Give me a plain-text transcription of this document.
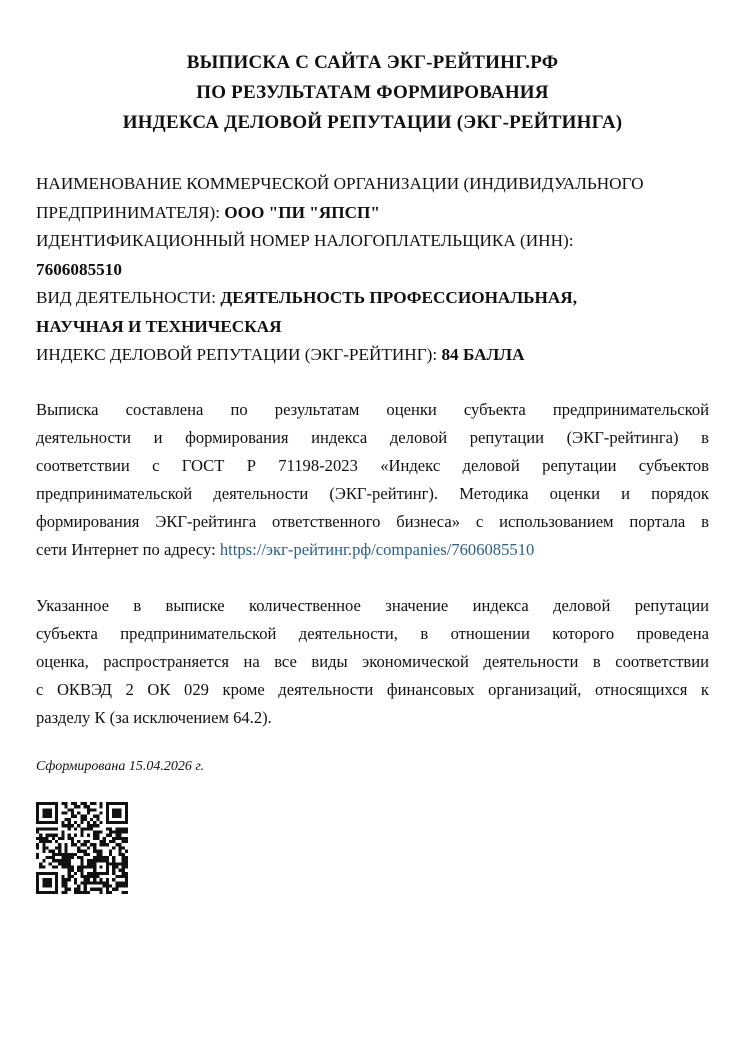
ВЫПИСКА С САЙТА ЭКГ-РЕЙТИНГ.РФ
ПО РЕЗУЛЬТАТАМ ФОРМИРОВАНИЯ
ИНДЕКСА ДЕЛОВОЙ РЕПУТАЦИИ (ЭКГ-РЕЙТИНГА)
НАИМЕНОВАНИЕ КОММЕРЧЕСКОЙ ОРГАНИЗАЦИИ (ИНДИВИДУАЛЬНОГО
ПРЕДПРИНИМАТЕЛЯ): ООО "ПИ "ЯПСП"
ИДЕНТИФИКАЦИОННЫЙ НОМЕР НАЛОГОПЛАТЕЛЬЩИКА (ИНН):
7606085510
ВИД ДЕЯТЕЛЬНОСТИ: ДЕЯТЕЛЬНОСТЬ ПРОФЕССИОНАЛЬНАЯ,
НАУЧНАЯ И ТЕХНИЧЕСКАЯ
ИНДЕКС ДЕЛОВОЙ РЕПУТАЦИИ (ЭКГ-РЕЙТИНГ): 84 БАЛЛА
Выписка составлена по результатам оценки субъекта предпринимательской
деятельности и формирования индекса деловой репутации (ЭКГ-рейтинга) в
соответствии с ГОСТ Р 71198-2023 «Индекс деловой репутации субъектов
предпринимательской деятельности (ЭКГ-рейтинг). Методика оценки и порядок
формирования ЭКГ-рейтинга ответственного бизнеса» с использованием портала в
сети Интернет по адресу: https://экг-рейтинг.рф/companies/7606085510
Указанное в выписке количественное значение индекса деловой репутации
субъекта предпринимательской деятельности, в отношении которого проведена
оценка, распространяется на все виды экономической деятельности в соответствии
с ОКВЭД 2 ОК 029 кроме деятельности финансовых организаций, относящихся к
разделу К (за исключением 64.2).
Сформирована 15.04.2026 г.
